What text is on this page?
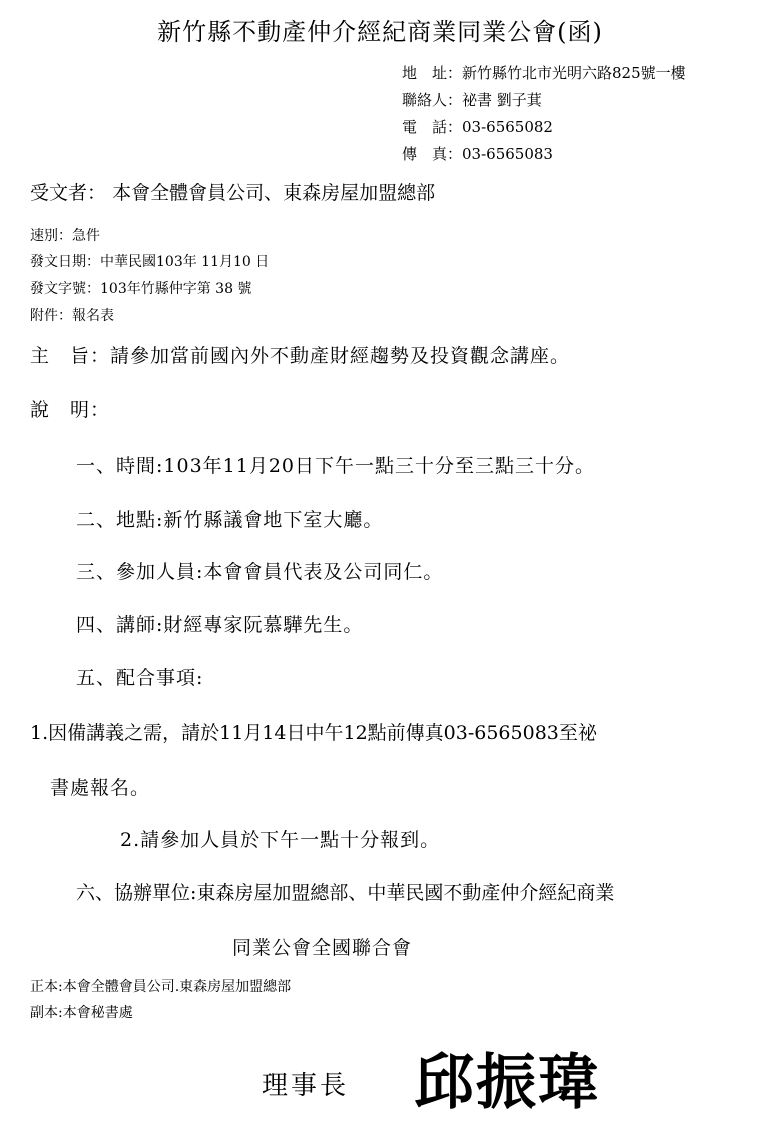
新竹縣不動產仲介經紀商業同業公會(函)
地　址：新竹縣竹北市光明六路825號一樓
聯絡人：祕書 劉子萁
電　話：03-6565082
傳　真：03-6565083
受文者： 本會全體會員公司、東森房屋加盟總部
速別：急件
發文日期：中華民國103年 11月10 日
發文字號：103年竹縣仲字第 38 號
附件：報名表
主　旨：請參加當前國內外不動產財經趨勢及投資觀念講座。
說　明：
一、時間:103年11月20日下午一點三十分至三點三十分。
二、地點:新竹縣議會地下室大廳。
三、參加人員:本會會員代表及公司同仁。
四、講師:財經專家阮慕驊先生。
五、配合事項:
1.因備講義之需，請於11月14日中午12點前傳真03-6565083至祕
書處報名。
2.請參加人員於下午一點十分報到。
六、協辦單位:東森房屋加盟總部、中華民國不動產仲介經紀商業
同業公會全國聯合會
正本:本會全體會員公司.東森房屋加盟總部
副本:本會秘書處
理事長 邱振瑋
